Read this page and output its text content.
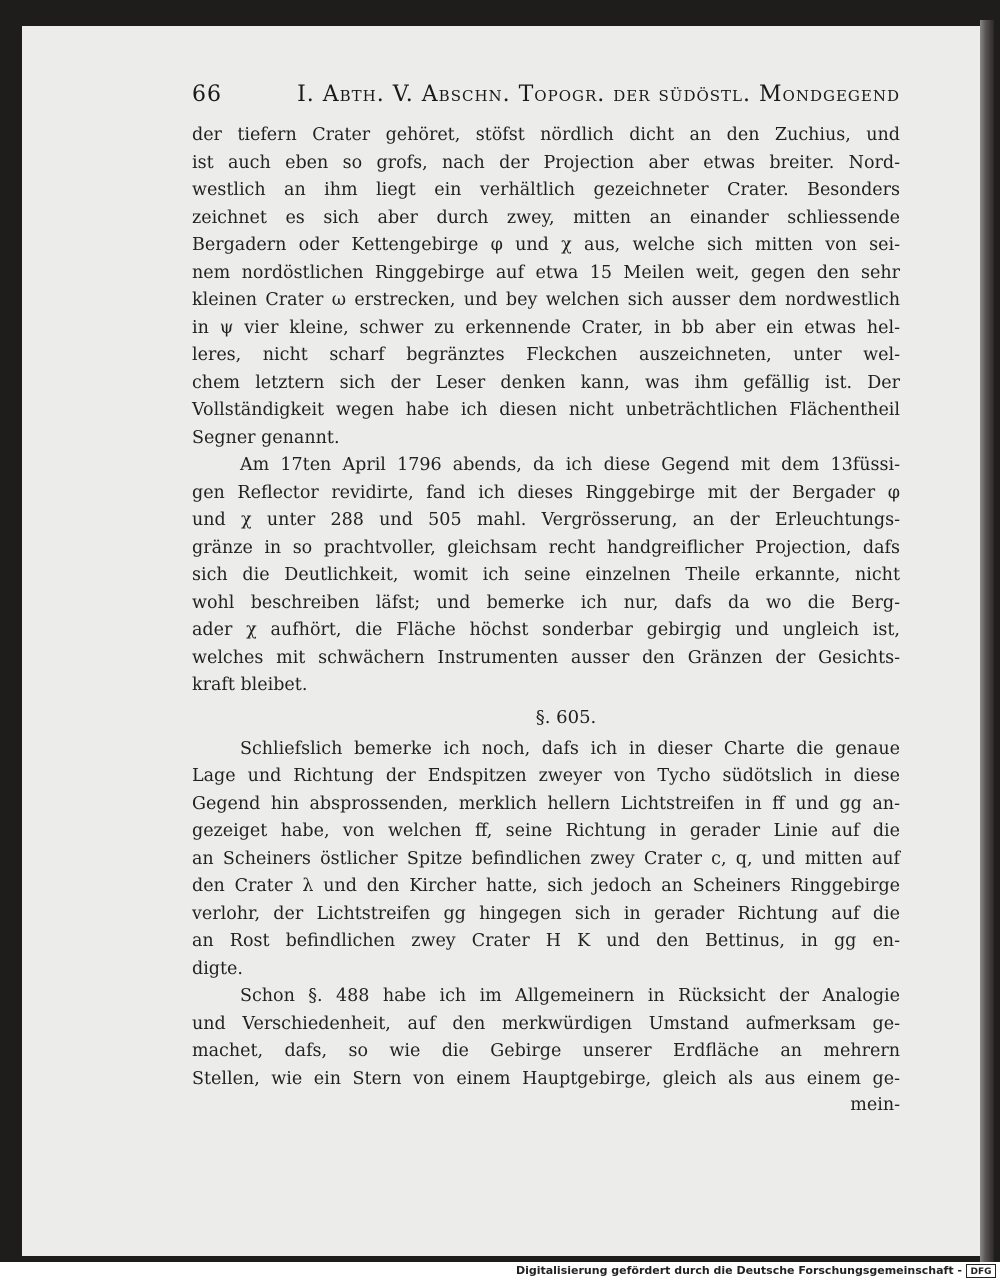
66	I. Abth. V. Abschn. Topogr. der südöstl. Mondgegend

der tiefern Crater gehöret, stöfst nördlich dicht an den Zuchius, und
ist auch eben so grofs, nach der Projection aber etwas breiter. Nord-
westlich an ihm liegt ein verhältlich gezeichneter Crater. Besonders
zeichnet es sich aber durch zwey, mitten an einander schliessende
Bergadern oder Kettengebirge φ und χ aus, welche sich mitten von sei-
nem nordöstlichen Ringgebirge auf etwa 15 Meilen weit, gegen den sehr
kleinen Crater ω erstrecken, und bey welchen sich ausser dem nordwestlich
in ψ vier kleine, schwer zu erkennende Crater, in bb aber ein etwas hel-
leres, nicht scharf begränztes Fleckchen auszeichneten, unter wel-
chem letztern sich der Leser denken kann, was ihm gefällig ist. Der
Vollständigkeit wegen habe ich diesen nicht unbeträchtlichen Flächentheil
Segner genannt.

Am 17ten April 1796 abends, da ich diese Gegend mit dem 13füssi-
gen Reflector revidirte, fand ich dieses Ringgebirge mit der Bergader φ
und χ unter 288 und 505 mahl. Vergrösserung, an der Erleuchtungs-
gränze in so prachtvoller, gleichsam recht handgreiflicher Projection, dafs
sich die Deutlichkeit, womit ich seine einzelnen Theile erkannte, nicht
wohl beschreiben läfst; und bemerke ich nur, dafs da wo die Berg-
ader χ aufhört, die Fläche höchst sonderbar gebirgig und ungleich ist,
welches mit schwächern Instrumenten ausser den Gränzen der Gesichts-
kraft bleibet.

§. 605.

Schliefslich bemerke ich noch, dafs ich in dieser Charte die genaue
Lage und Richtung der Endspitzen zweyer von Tycho südötslich in diese
Gegend hin absprossenden, merklich hellern Lichtstreifen in ff und gg an-
gezeiget habe, von welchen ff, seine Richtung in gerader Linie auf die
an Scheiners östlicher Spitze befindlichen zwey Crater c, q, und mitten auf
den Crater λ und den Kircher hatte, sich jedoch an Scheiners Ringgebirge
verlohr, der Lichtstreifen gg hingegen sich in gerader Richtung auf die
an Rost befindlichen zwey Crater H K und den Bettinus, in gg en-
digte.

Schon §. 488 habe ich im Allgemeinern in Rücksicht der Analogie
und Verschiedenheit, auf den merkwürdigen Umstand aufmerksam ge-
machet, dafs, so wie die Gebirge unserer Erdfläche an mehrern
Stellen, wie ein Stern von einem Hauptgebirge, gleich als aus einem ge-

mein-
Digitalisierung gefördert durch die Deutsche Forschungsgemeinschaft - DFG
